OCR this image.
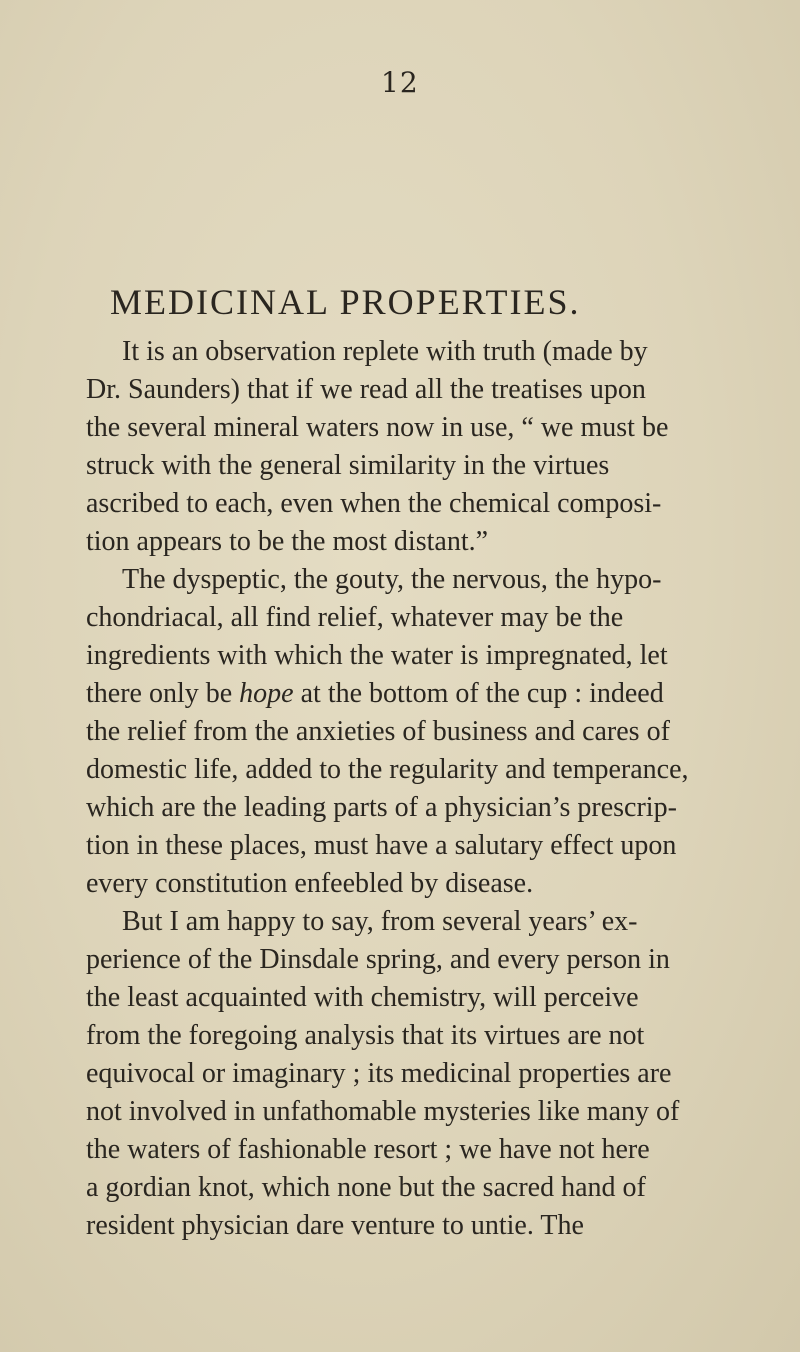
12
MEDICINAL PROPERTIES.
It is an observation replete with truth (made by
Dr. Saunders) that if we read all the treatises upon
the several mineral waters now in use, “ we must be
struck with the general similarity in the virtues
ascribed to each, even when the chemical composi-
tion appears to be the most distant.”
The dyspeptic, the gouty, the nervous, the hypo-
chondriacal, all find relief, whatever may be the
ingredients with which the water is impregnated, let
there only be hope at the bottom of the cup : indeed
the relief from the anxieties of business and cares of
domestic life, added to the regularity and temperance,
which are the leading parts of a physician’s prescrip-
tion in these places, must have a salutary effect upon
every constitution enfeebled by disease.
But I am happy to say, from several years’ ex-
perience of the Dinsdale spring, and every person in
the least acquainted with chemistry, will perceive
from the foregoing analysis that its virtues are not
equivocal or imaginary ; its medicinal properties are
not involved in unfathomable mysteries like many of
the waters of fashionable resort ; we have not here
a gordian knot, which none but the sacred hand of
resident physician dare venture to untie. The
